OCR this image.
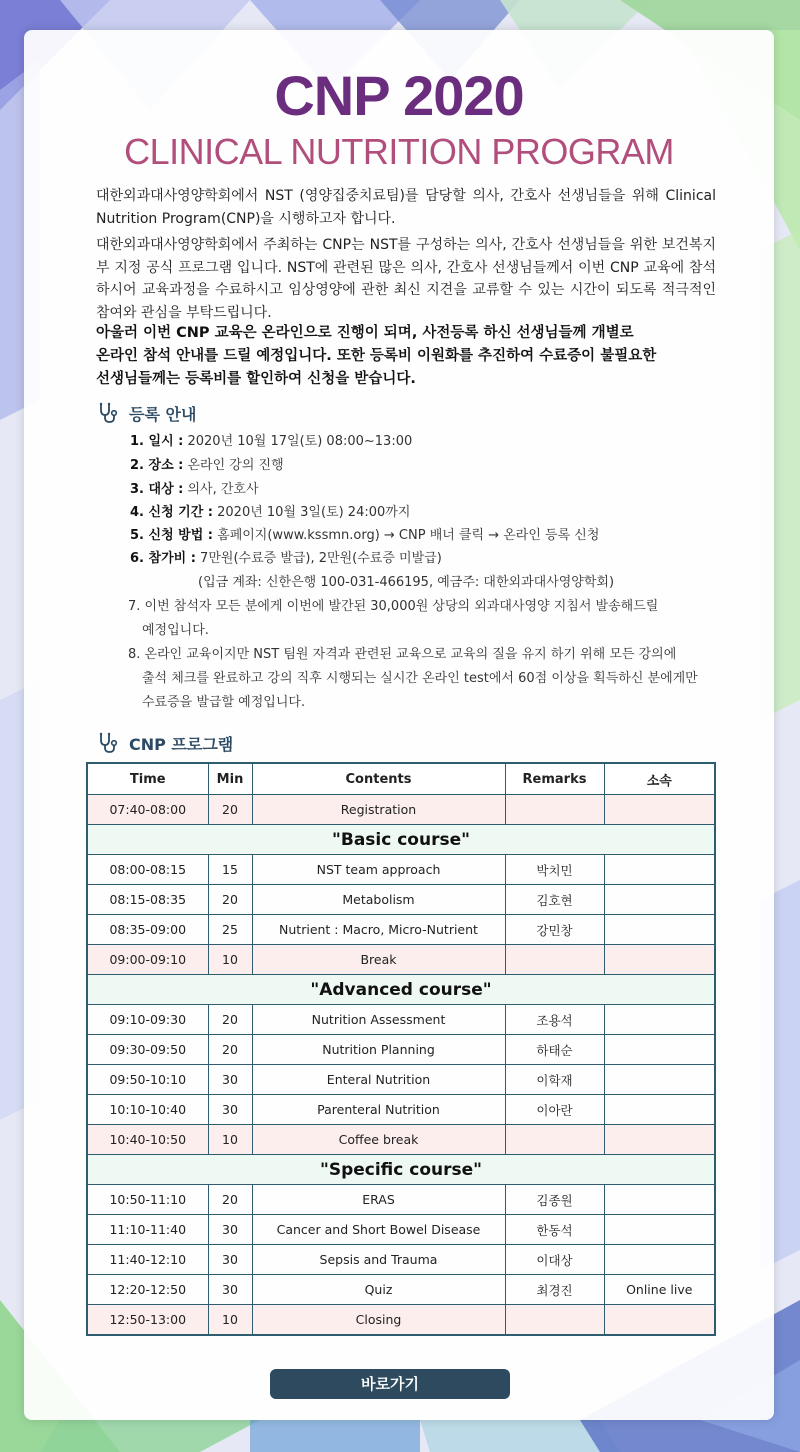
CNP 2020
CLINICAL NUTRITION PROGRAM

대한외과대사영양학회에서 NST (영양집중치료팀)를 담당할 의사, 간호사 선생님들을 위해 Clinical Nutrition Program(CNP)을 시행하고자 합니다.

대한외과대사영양학회에서 주최하는 CNP는 NST를 구성하는 의사, 간호사 선생님들을 위한 보건복지부 지정 공식 프로그램 입니다. NST에 관련된 많은 의사, 간호사 선생님들께서 이번 CNP 교육에 참석하시어 교육과정을 수료하시고 임상영양에 관한 최신 지견을 교류할 수 있는 시간이 되도록 적극적인 참여와 관심을 부탁드립니다.

아울러 이번 CNP 교육은 온라인으로 진행이 되며, 사전등록 하신 선생님들께 개별로
온라인 참석 안내를 드릴 예정입니다. 또한 등록비 이원화를 추진하여 수료증이 불필요한
선생님들께는 등록비를 할인하여 신청을 받습니다.
등록 안내
1. 일시 : 2020년 10월 17일(토) 08:00~13:00
2. 장소 : 온라인 강의 진행
3. 대상 : 의사, 간호사
4. 신청 기간 : 2020년 10월 3일(토) 24:00까지
5. 신청 방법 : 홈페이지(www.kssmn.org) → CNP 배너 클릭 → 온라인 등록 신청
6. 참가비 : 7만원(수료증 발급), 2만원(수료증 미발급)
(입금 계좌: 신한은행 100-031-466195, 예금주: 대한외과대사영양학회)
7. 이번 참석자 모든 분에게 이번에 발간된 30,000원 상당의 외과대사영양 지침서 발송해드릴
예정입니다.
8. 온라인 교육이지만 NST 팀원 자격과 관련된 교육으로 교육의 질을 유지 하기 위해 모든 강의에
출석 체크를 완료하고 강의 직후 시행되는 실시간 온라인 test에서 60점 이상을 획득하신 분에게만
수료증을 발급할 예정입니다.
CNP 프로그램
Time	Min	Contents	Remarks	소속
07:40-08:00	20	Registration		
"Basic course"				
08:00-08:15	15	NST team approach	박치민	
08:15-08:35	20	Metabolism	김호현	
08:35-09:00	25	Nutrient : Macro, Micro-Nutrient	강민창	
09:00-09:10	10	Break		
"Advanced course"				
09:10-09:30	20	Nutrition Assessment	조용석	
09:30-09:50	20	Nutrition Planning	하태순	
09:50-10:10	30	Enteral Nutrition	이학재	
10:10-10:40	30	Parenteral Nutrition	이아란	
10:40-10:50	10	Coffee break		
"Specific course"				
10:50-11:10	20	ERAS	김종원	
11:10-11:40	30	Cancer and Short Bowel Disease	한동석	
11:40-12:10	30	Sepsis and Trauma	이대상	
12:20-12:50	30	Quiz	최경진	Online live
12:50-13:00	10	Closing		
바로가기
